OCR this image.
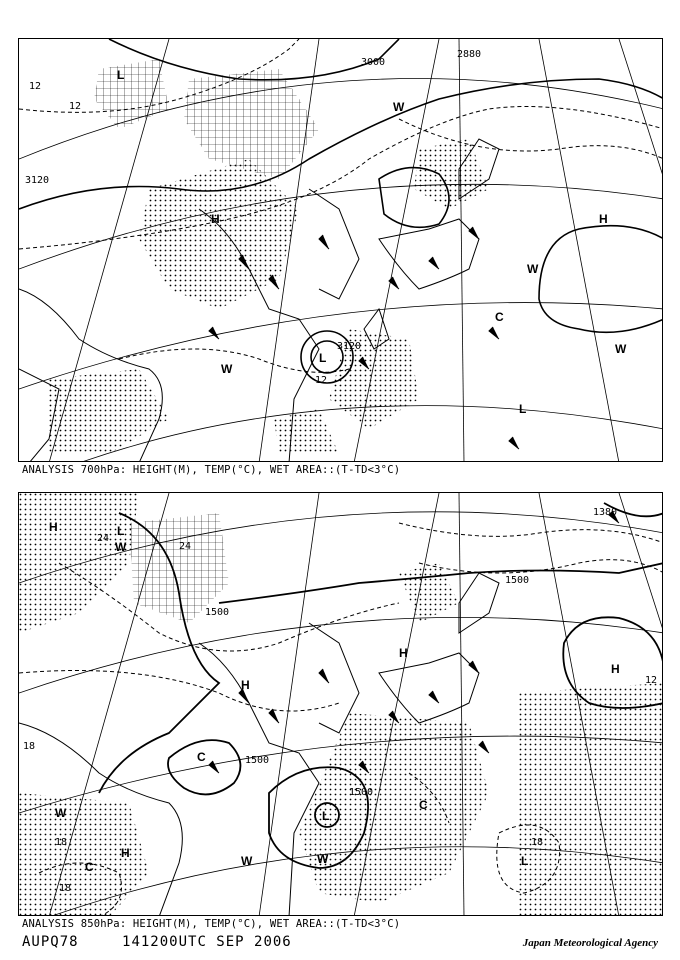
12
12
3120
3000
2880
3120
12
H	H
W
W
W
W
L
L
L
C
ANALYSIS 700hPa: HEIGHT(M), TEMP(°C), WET AREA::(T-TD<3°C)
24
24
1500
1500
1500
1500
1380
18
18
18
12
18
H
H
H
H
H
W
W
W	W
L
L
L
C
C
C
ANALYSIS 850hPa: HEIGHT(M), TEMP(°C), WET AREA::(T-TD<3°C)
AUPQ78	141200UTC SEP 2006	Japan Meteorological Agency
